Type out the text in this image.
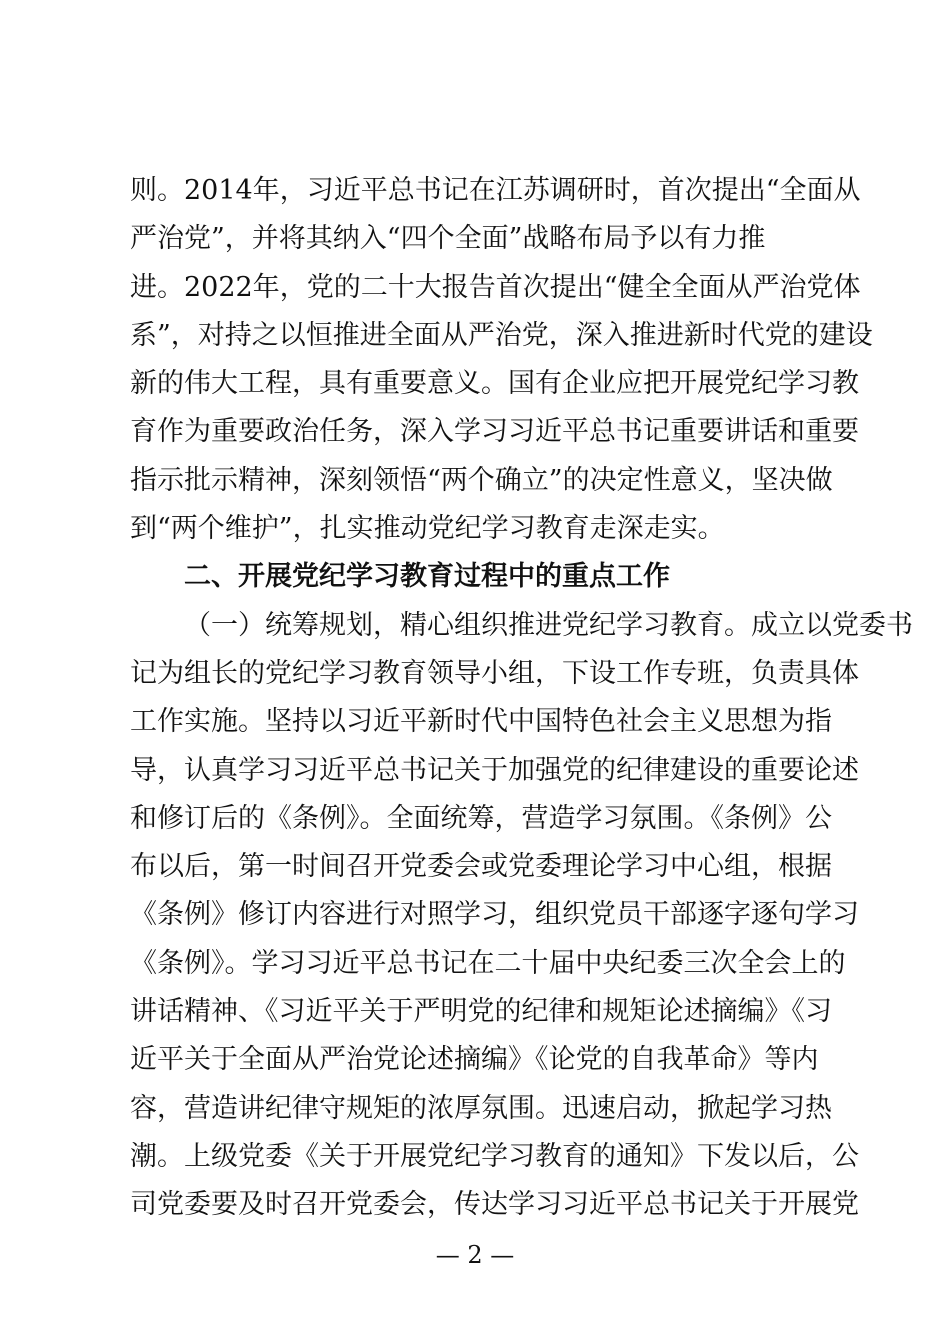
则。2014年，习近平总书记在江苏调研时，首次提出“全面从
严治党”，并将其纳入“四个全面”战略布局予以有力推
进。2022年，党的二十大报告首次提出“健全全面从严治党体
系”，对持之以恒推进全面从严治党，深入推进新时代党的建设
新的伟大工程，具有重要意义。国有企业应把开展党纪学习教
育作为重要政治任务，深入学习习近平总书记重要讲话和重要
指示批示精神，深刻领悟“两个确立”的决定性意义，坚决做
到“两个维护”，扎实推动党纪学习教育走深走实。
二、开展党纪学习教育过程中的重点工作
（一）统筹规划，精心组织推进党纪学习教育。成立以党委书
记为组长的党纪学习教育领导小组，下设工作专班，负责具体
工作实施。坚持以习近平新时代中国特色社会主义思想为指
导，认真学习习近平总书记关于加强党的纪律建设的重要论述
和修订后的《条例》。全面统筹，营造学习氛围。《条例》公
布以后，第一时间召开党委会或党委理论学习中心组，根据
《条例》修订内容进行对照学习，组织党员干部逐字逐句学习
《条例》。学习习近平总书记在二十届中央纪委三次全会上的
讲话精神、《习近平关于严明党的纪律和规矩论述摘编》《习
近平关于全面从严治党论述摘编》《论党的自我革命》等内
容，营造讲纪律守规矩的浓厚氛围。迅速启动，掀起学习热
潮。上级党委《关于开展党纪学习教育的通知》下发以后，公
司党委要及时召开党委会，传达学习习近平总书记关于开展党
— 2 —
